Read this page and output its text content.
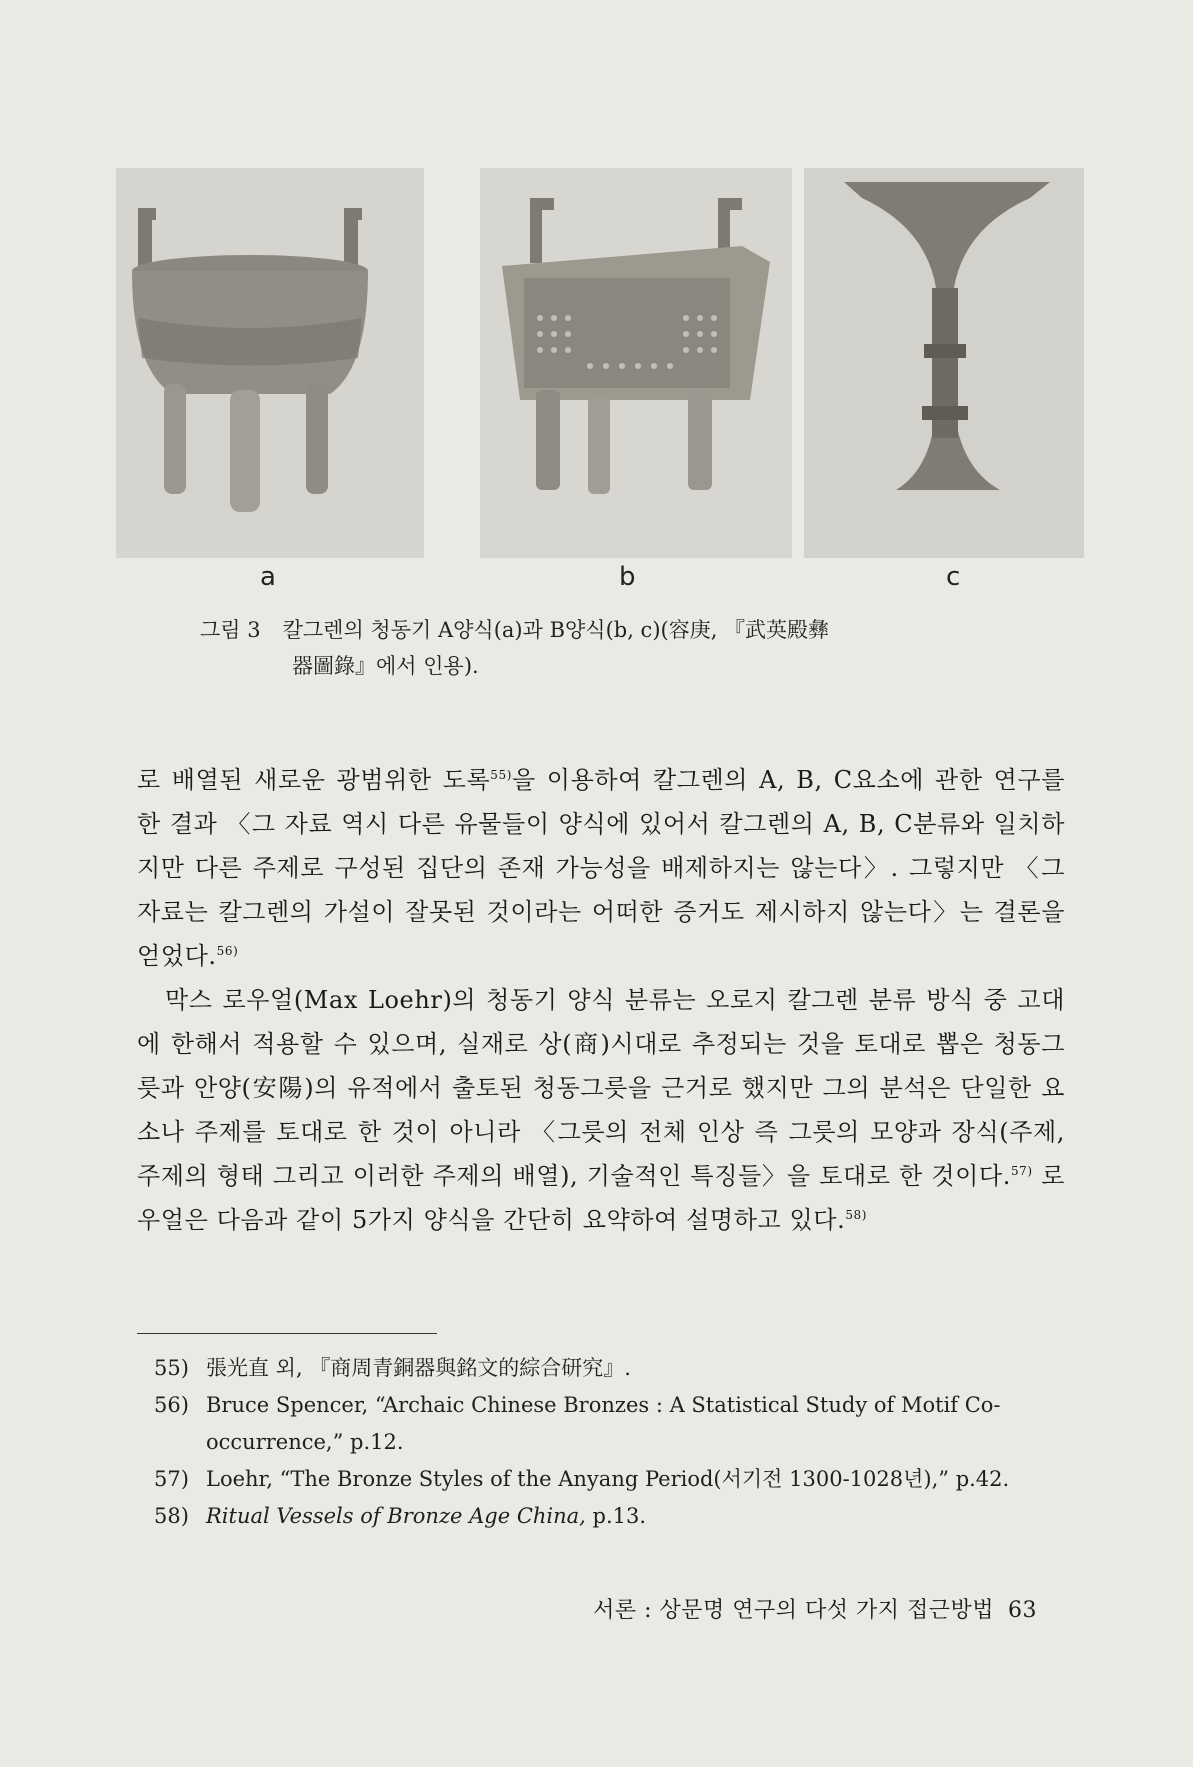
a	b	c
그림 3 칼그렌의 청동기 A양식(a)과 B양식(b, c)(容庚, 『武英殿彝
器圖錄』에서 인용).

로 배열된 새로운 광범위한 도록$^{55)}$을 이용하여 칼그렌의 A, B, C요소에 관한 연구를 한 결과 〈그 자료 역시 다른 유물들이 양식에 있어서 칼그렌의 A, B, C분류와 일치하지만 다른 주제로 구성된 집단의 존재 가능성을 배제하지는 않는다〉. 그렇지만 〈그 자료는 칼그렌의 가설이 잘못된 것이라는 어떠한 증거도 제시하지 않는다〉는 결론을 얻었다.$^{56)}$

막스 로우얼(Max Loehr)의 청동기 양식 분류는 오로지 칼그렌 분류 방식 중 고대에 한해서 적용할 수 있으며, 실재로 상(商)시대로 추정되는 것을 토대로 뽑은 청동그릇과 안양(安陽)의 유적에서 출토된 청동그릇을 근거로 했지만 그의 분석은 단일한 요소나 주제를 토대로 한 것이 아니라 〈그릇의 전체 인상 즉 그릇의 모양과 장식(주제, 주제의 형태 그리고 이러한 주제의 배열), 기술적인 특징들〉을 토대로 한 것이다.$^{57)}$ 로우얼은 다음과 같이 5가지 양식을 간단히 요약하여 설명하고 있다.$^{58)}$

55) 張光直 외, 『商周青銅器與銘文的綜合研究』.
56) Bruce Spencer, “Archaic Chinese Bronzes : A Statistical Study of Motif Co-occurrence,” p.12.
57) Loehr, “The Bronze Styles of the Anyang Period(서기전 1300-1028년),” p.42.
58) Ritual Vessels of Bronze Age China, p.13.
서론 : 상문명 연구의 다섯 가지 접근방법 63
